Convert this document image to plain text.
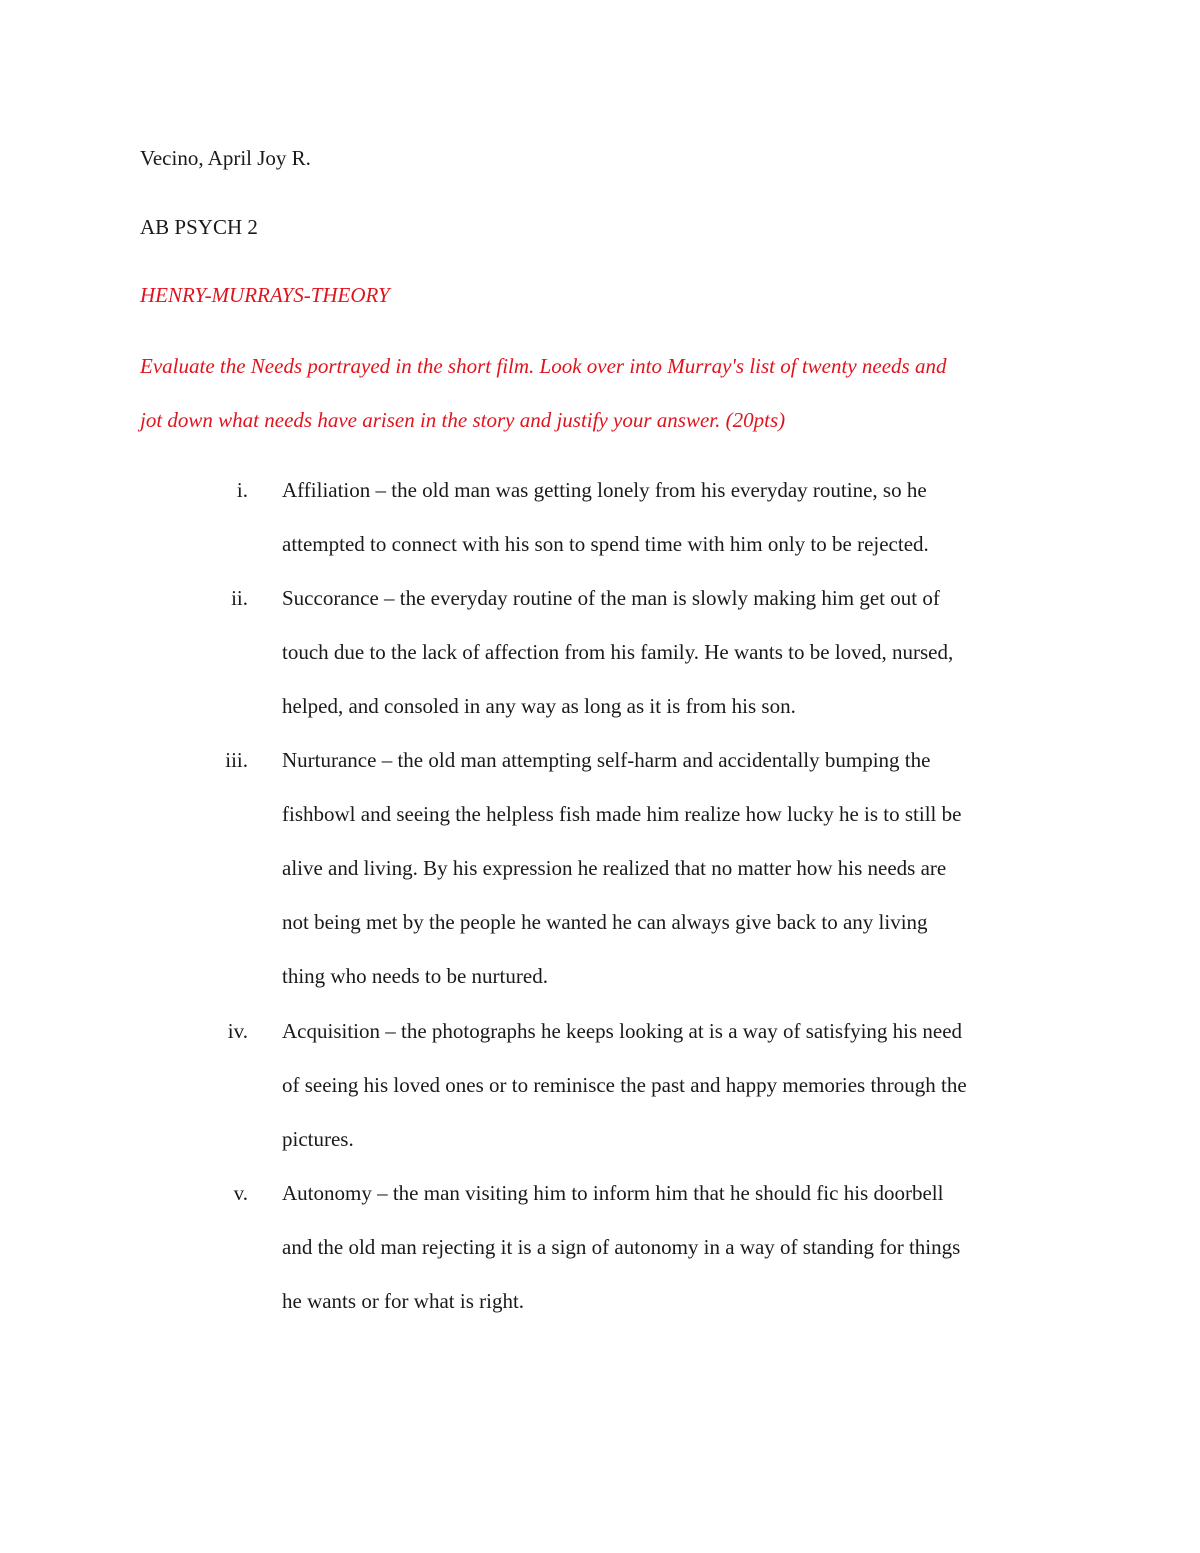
Vecino, April Joy R.
AB PSYCH 2
HENRY-MURRAYS-THEORY
Evaluate the Needs portrayed in the short film. Look over into Murray's list of twenty needs and
jot down what needs have arisen in the story and justify your answer. (20pts)
i. Affiliation – the old man was getting lonely from his everyday routine, so he
attempted to connect with his son to spend time with him only to be rejected.
ii. Succorance – the everyday routine of the man is slowly making him get out of
touch due to the lack of affection from his family. He wants to be loved, nursed,
helped, and consoled in any way as long as it is from his son.
iii. Nurturance – the old man attempting self-harm and accidentally bumping the
fishbowl and seeing the helpless fish made him realize how lucky he is to still be
alive and living. By his expression he realized that no matter how his needs are
not being met by the people he wanted he can always give back to any living
thing who needs to be nurtured.
iv. Acquisition – the photographs he keeps looking at is a way of satisfying his need
of seeing his loved ones or to reminisce the past and happy memories through the
pictures.
v. Autonomy – the man visiting him to inform him that he should fic his doorbell
and the old man rejecting it is a sign of autonomy in a way of standing for things
he wants or for what is right.
